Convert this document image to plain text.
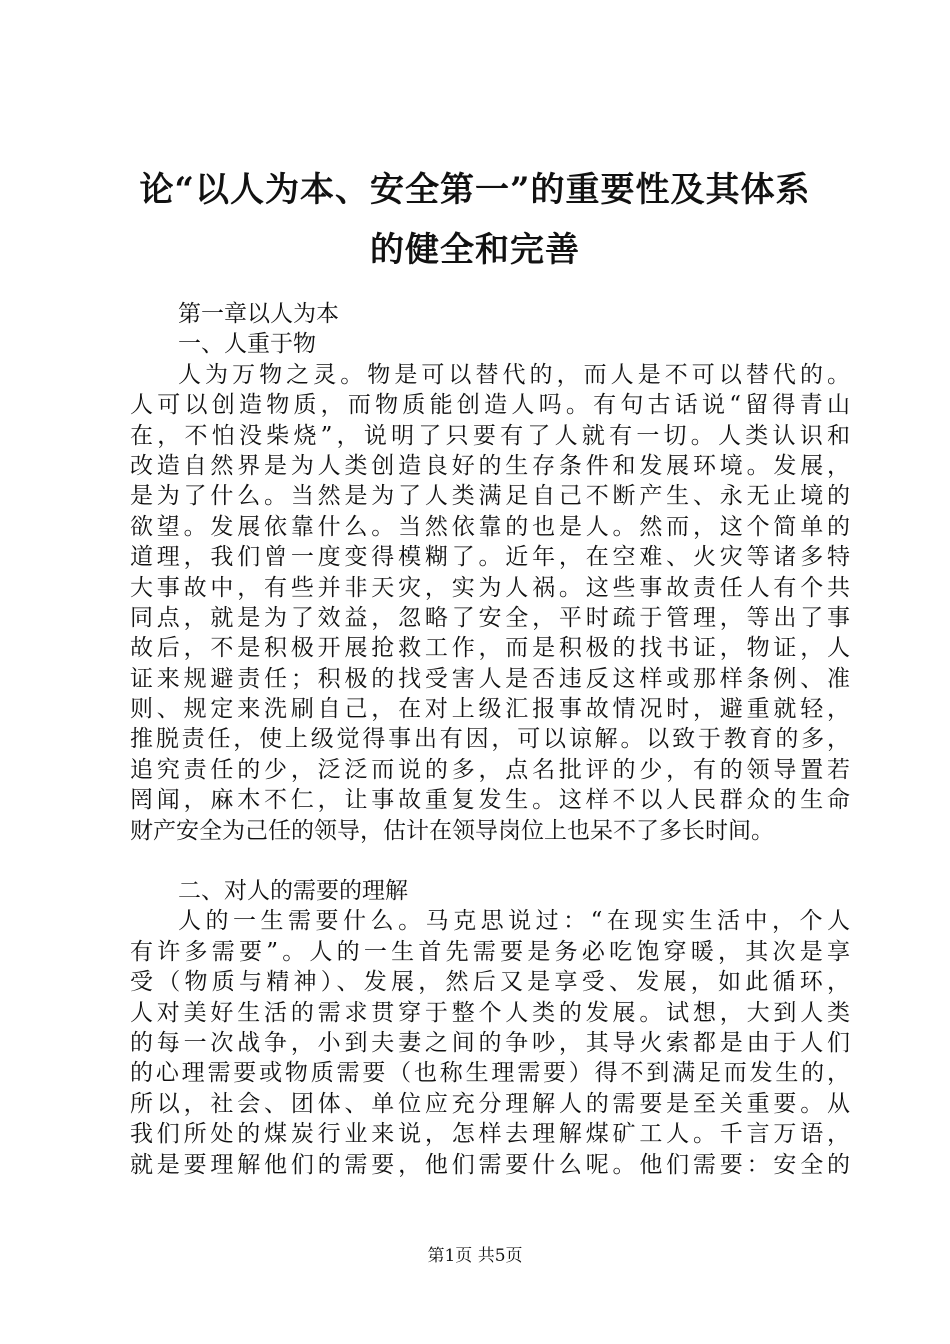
论“以人为本、安全第一”的重要性及其体系
的健全和完善
第一章以人为本
一、人重于物
人为万物之灵。物是可以替代的，而人是不可以替代的。
人可以创造物质，而物质能创造人吗。有句古话说“留得青山
在，不怕没柴烧”，说明了只要有了人就有一切。人类认识和
改造自然界是为人类创造良好的生存条件和发展环境。发展，
是为了什么。当然是为了人类满足自己不断产生、永无止境的
欲望。发展依靠什么。当然依靠的也是人。然而，这个简单的
道理，我们曾一度变得模糊了。近年，在空难、火灾等诸多特
大事故中，有些并非天灾，实为人祸。这些事故责任人有个共
同点，就是为了效益，忽略了安全，平时疏于管理，等出了事
故后，不是积极开展抢救工作，而是积极的找书证，物证，人
证来规避责任；积极的找受害人是否违反这样或那样条例、准
则、规定来洗刷自己，在对上级汇报事故情况时，避重就轻，
推脱责任，使上级觉得事出有因，可以谅解。以致于教育的多，
追究责任的少，泛泛而说的多，点名批评的少，有的领导置若
罔闻，麻木不仁，让事故重复发生。这样不以人民群众的生命
财产安全为己任的领导，估计在领导岗位上也呆不了多长时间。
二、对人的需要的理解
人的一生需要什么。马克思说过：“在现实生活中，个人
有许多需要”。人的一生首先需要是务必吃饱穿暖，其次是享
受（物质与精神）、发展，然后又是享受、发展，如此循环，
人对美好生活的需求贯穿于整个人类的发展。试想，大到人类
的每一次战争，小到夫妻之间的争吵，其导火索都是由于人们
的心理需要或物质需要（也称生理需要）得不到满足而发生的，
所以，社会、团体、单位应充分理解人的需要是至关重要。从
我们所处的煤炭行业来说，怎样去理解煤矿工人。千言万语，
就是要理解他们的需要，他们需要什么呢。他们需要：安全的
第1页 共5页
